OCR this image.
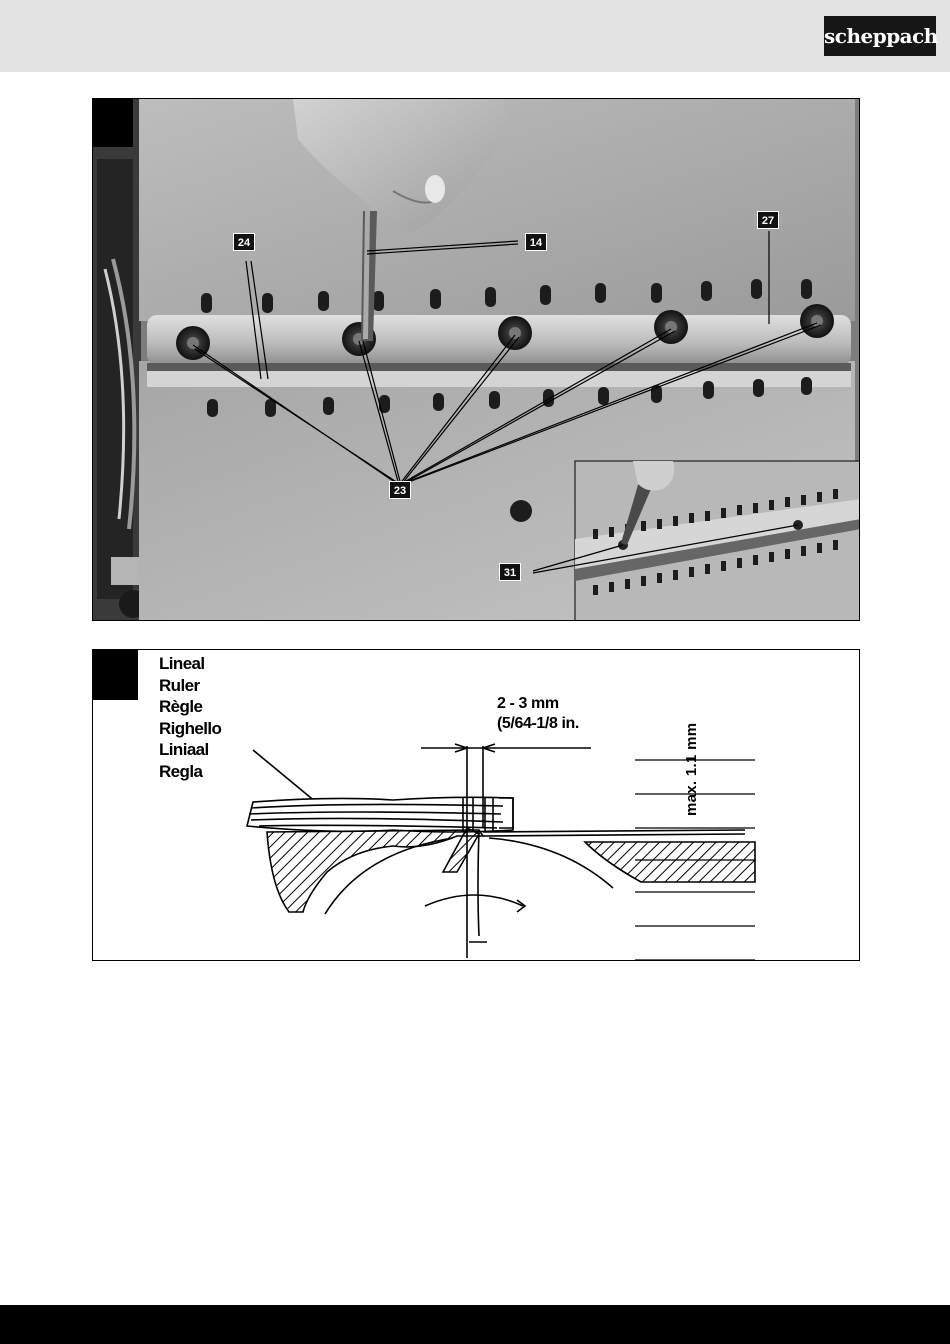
scheppach
24	14
27
23
31
Lineal
Ruler
Règle
Righello
Liniaal
Regla
2 - 3 mm
(5/64-1/8 in.	max. 1.1 mm
